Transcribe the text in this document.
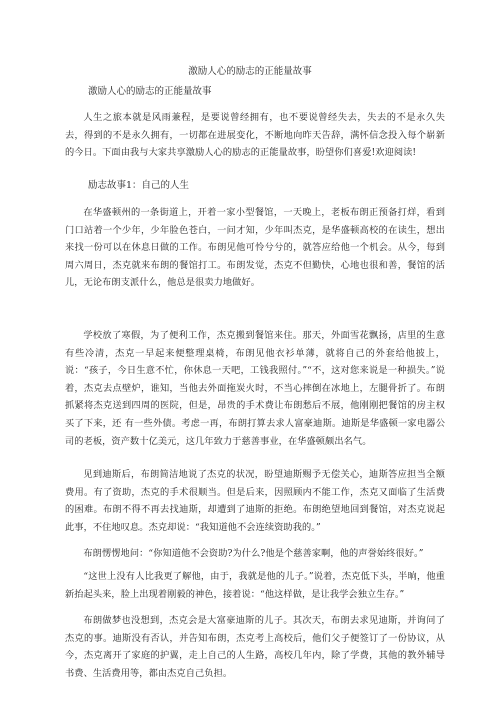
激励人心的励志的正能量故事
激励人心的励志的正能量故事

人生之旅本就是风雨兼程，是要说曾经拥有，也不要说曾经失去，失去的不是永久失去，得到的不是永久拥有，一切都在进展变化，不断地向昨天告辞，满怀信念投入每个崭新的今日。下面由我与大家共享激励人心的励志的正能量故事，盼望你们喜爱!欢迎阅读!

励志故事1：自己的人生

在华盛顿州的一条街道上，开着一家小型餐馆，一天晚上，老板布朗正预备打烊，看到门口站着一个少年，少年脸色苍白，一问才知，少年叫杰克，是华盛顿高校的在读生，想出来找一份可以在休息日做的工作。布朗见他可怜兮兮的，就答应给他一个机会。从今，每到周六周日，杰克就来布朗的餐馆打工。布朗发觉，杰克不但勤快，心地也很和善，餐馆的活儿，无论布朗支派什么，他总是很卖力地做好。

学校放了寒假，为了便利工作，杰克搬到餐馆来住。那天，外面雪花飘扬，店里的生意有些冷清，杰克一早起来便整理桌椅，布朗见他衣衫单薄，就将自己的外套给他披上，说：“孩子，今日生意不忙，你休息一天吧，工钱我照付。”“不，这对您来说是一种损失。”说着，杰克去点壁炉，谁知，当他去外面拖炭火时，不当心摔倒在冰地上，左腿骨折了。布朗抓紧将杰克送到四周的医院，但是，昂贵的手术费让布朗愁后不展，他刚刚把餐馆的房主权买了下来，还 有一些外债。考虑一再，布朗打算去求人富豪迪斯。迪斯是华盛顿一家电器公司的老板，资产数十亿美元，这几年致力于慈善事业，在华盛顿颇出名气。

见到迪斯后，布朗简洁地说了杰克的状况，盼望迪斯赐予无偿关心，迪斯答应担当全额费用。有了资助，杰克的手术很顺当。但是后来，因照顾内不能工作，杰克又面临了生活费的困难。布朗不得不再去找迪斯，却遭到了迪斯的拒绝。布朗绝望地回到餐馆，对杰克说起此事，不住地叹息。杰克却说：“我知道他不会连续资助我的。”

布朗愣愣地问：“你知道他不会资助?为什么?他是个慈善家啊，他的声誉始终很好。”

“这世上没有人比我更了解他，由于，我就是他的儿子。”说着，杰克低下头，半晌，他重新抬起头来，脸上出现着刚毅的神色，接着说：“他这样做，是让我学会独立生存。”

布朗做梦也没想到，杰克会是大富豪迪斯的儿子。其次天，布朗去求见迪斯，并询问了杰克的事。迪斯没有否认，并告知布朗，杰克考上高校后，他们父子便签订了一份协议，从今，杰克离开了家庭的护翼，走上自己的人生路，高校几年内，除了学费，其他的教外辅导书费、生活费用等，都由杰克自己负担。
